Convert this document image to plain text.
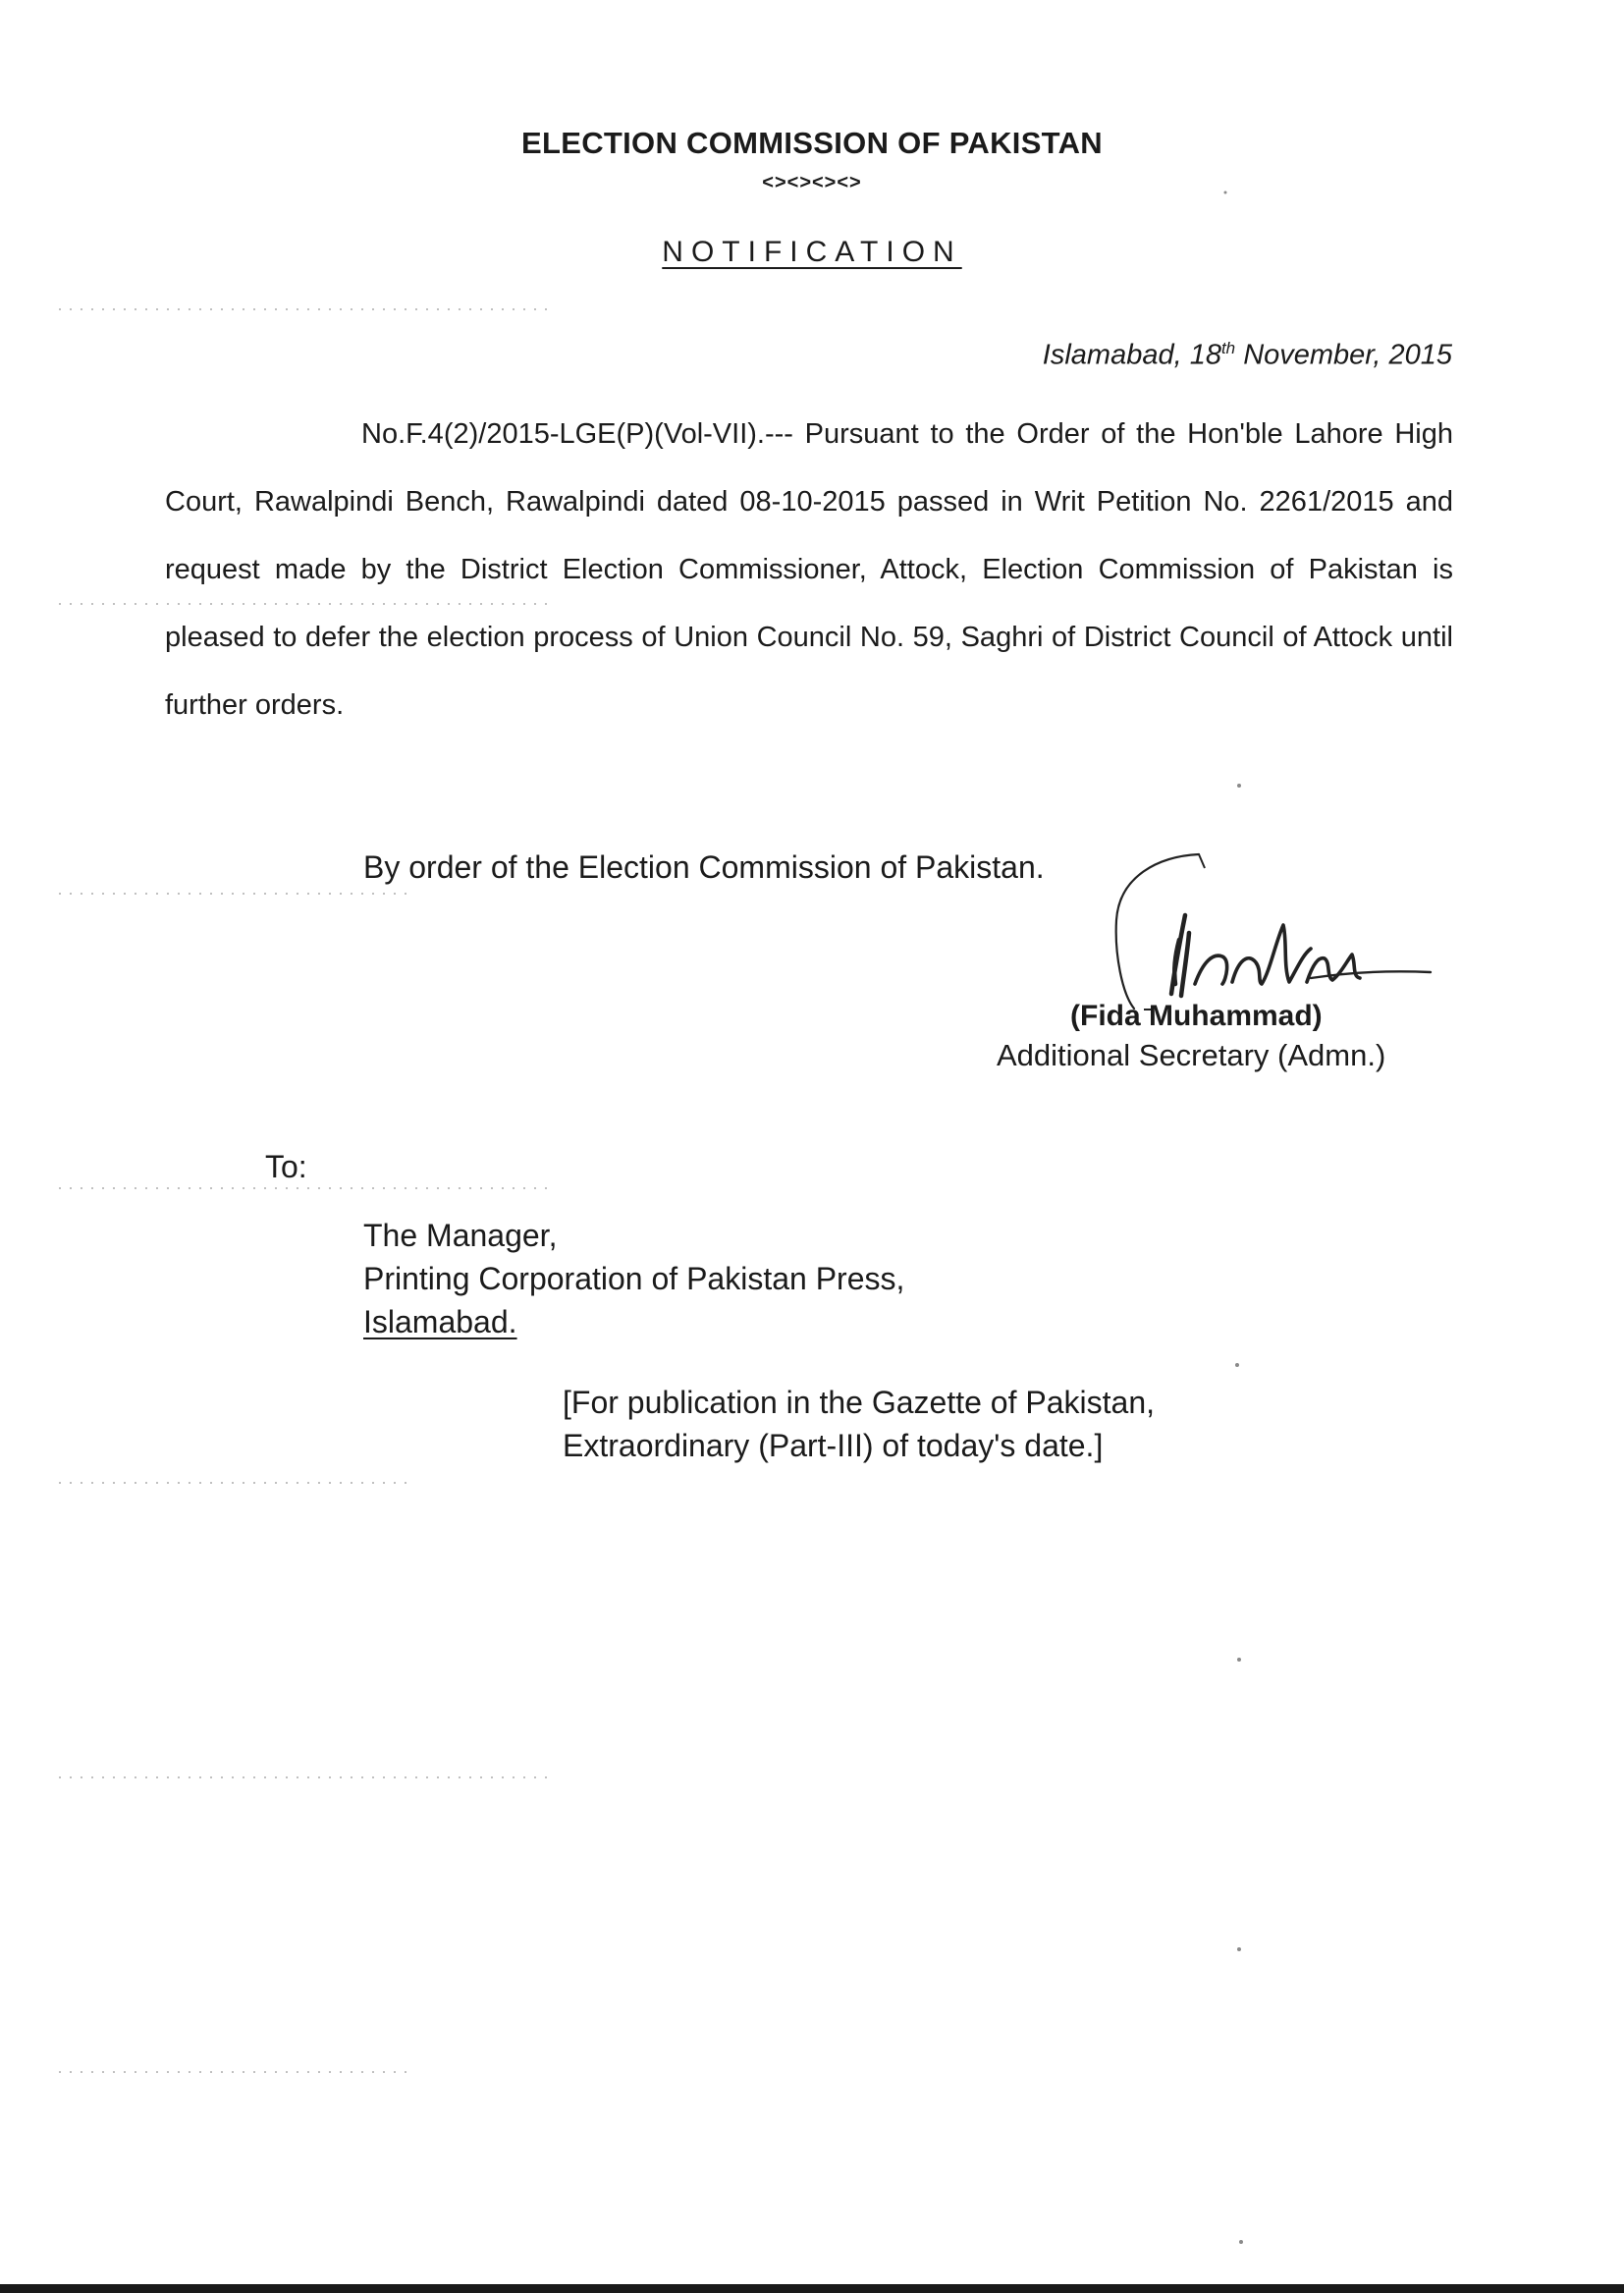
ELECTION COMMISSION OF PAKISTAN
<><><><>
NOTIFICATION
Islamabad, 18th November, 2015
No.F.4(2)/2015-LGE(P)(Vol-VII).--- Pursuant to the Order of the Hon'ble Lahore High Court, Rawalpindi Bench, Rawalpindi dated 08-10-2015 passed in Writ Petition No. 2261/2015 and request made by the District Election Commissioner, Attock, Election Commission of Pakistan is pleased to defer the election process of Union Council No. 59, Saghri of District Council of Attock until further orders.
By order of the Election Commission of Pakistan.
(Fida Muhammad)
Additional Secretary (Admn.)
To:
The Manager,
Printing Corporation of Pakistan Press,
Islamabad.
[For publication in the Gazette of Pakistan,
Extraordinary (Part-III) of today's date.]
